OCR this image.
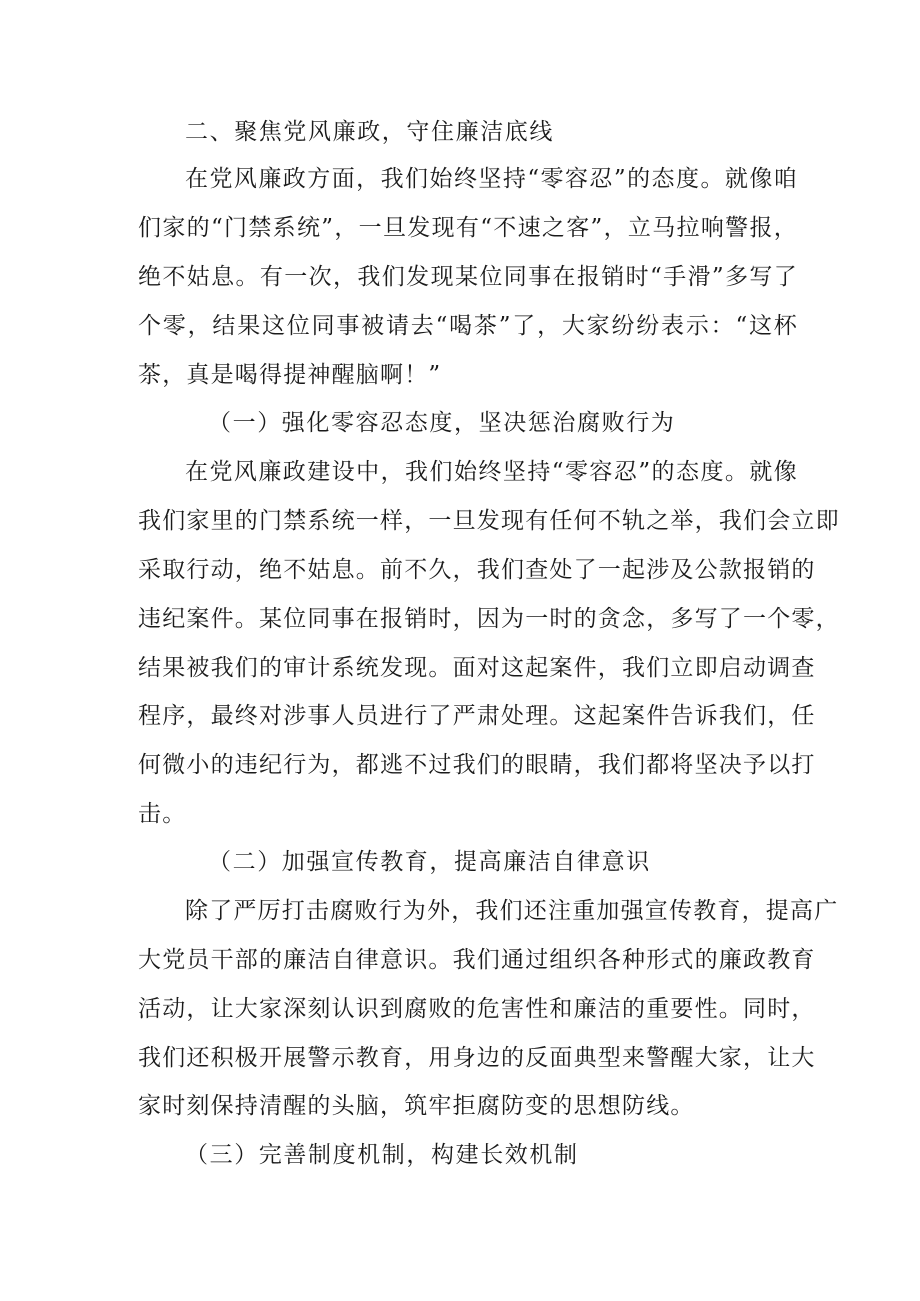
二、聚焦党风廉政，守住廉洁底线
在党风廉政方面，我们始终坚持“零容忍”的态度。就像咱
们家的“门禁系统”，一旦发现有“不速之客”，立马拉响警报，
绝不姑息。有一次，我们发现某位同事在报销时“手滑”多写了
个零，结果这位同事被请去“喝茶”了，大家纷纷表示：“这杯
茶，真是喝得提神醒脑啊！”
（一）强化零容忍态度，坚决惩治腐败行为
在党风廉政建设中，我们始终坚持“零容忍”的态度。就像
我们家里的门禁系统一样，一旦发现有任何不轨之举，我们会立即
采取行动，绝不姑息。前不久，我们查处了一起涉及公款报销的
违纪案件。某位同事在报销时，因为一时的贪念，多写了一个零，
结果被我们的审计系统发现。面对这起案件，我们立即启动调查
程序，最终对涉事人员进行了严肃处理。这起案件告诉我们，任
何微小的违纪行为，都逃不过我们的眼睛，我们都将坚决予以打
击。
（二）加强宣传教育，提高廉洁自律意识
除了严厉打击腐败行为外，我们还注重加强宣传教育，提高广
大党员干部的廉洁自律意识。我们通过组织各种形式的廉政教育
活动，让大家深刻认识到腐败的危害性和廉洁的重要性。同时，
我们还积极开展警示教育，用身边的反面典型来警醒大家，让大
家时刻保持清醒的头脑，筑牢拒腐防变的思想防线。
（三）完善制度机制，构建长效机制
